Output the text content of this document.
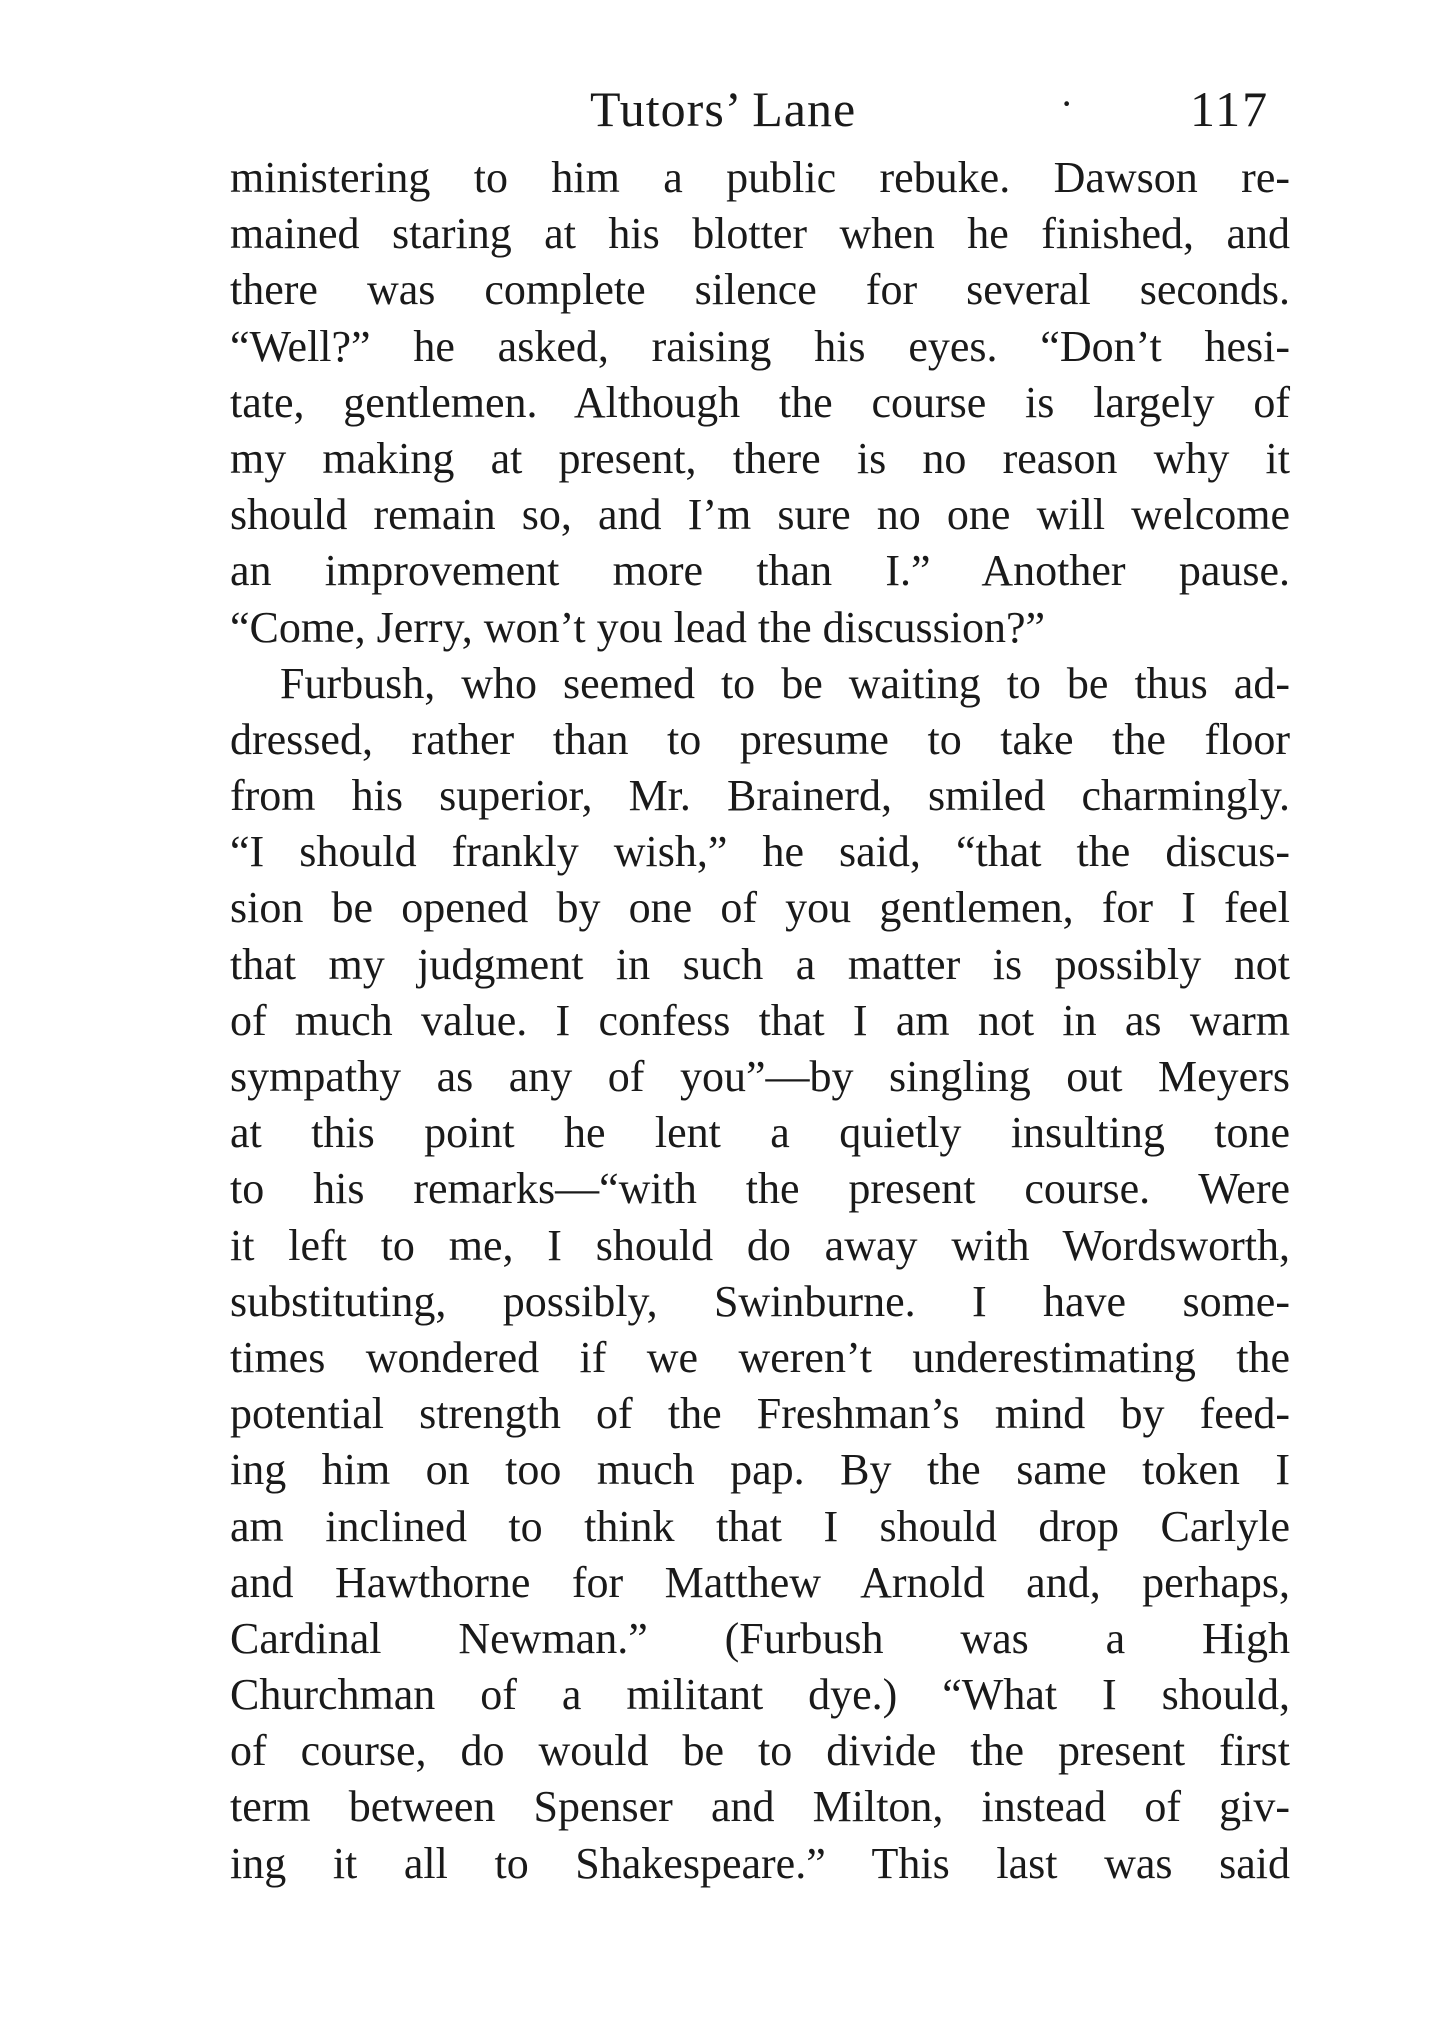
Tutors’ Lane	· 117
ministering to him a public rebuke. Dawson re-
mained staring at his blotter when he finished, and
there was complete silence for several seconds.
“Well?” he asked, raising his eyes. “Don’t hesi-
tate, gentlemen. Although the course is largely of
my making at present, there is no reason why it
should remain so, and I’m sure no one will welcome
an improvement more than I.” Another pause.
“Come, Jerry, won’t you lead the discussion?”
Furbush, who seemed to be waiting to be thus ad-
dressed, rather than to presume to take the floor
from his superior, Mr. Brainerd, smiled charmingly.
“I should frankly wish,” he said, “that the discus-
sion be opened by one of you gentlemen, for I feel
that my judgment in such a matter is possibly not
of much value. I confess that I am not in as warm
sympathy as any of you”—by singling out Meyers
at this point he lent a quietly insulting tone
to his remarks—“with the present course. Were
it left to me, I should do away with Wordsworth,
substituting, possibly, Swinburne. I have some-
times wondered if we weren’t underestimating the
potential strength of the Freshman’s mind by feed-
ing him on too much pap. By the same token I
am inclined to think that I should drop Carlyle
and Hawthorne for Matthew Arnold and, perhaps,
Cardinal Newman.” (Furbush was a High
Churchman of a militant dye.) “What I should,
of course, do would be to divide the present first
term between Spenser and Milton, instead of giv-
ing it all to Shakespeare.” This last was said
